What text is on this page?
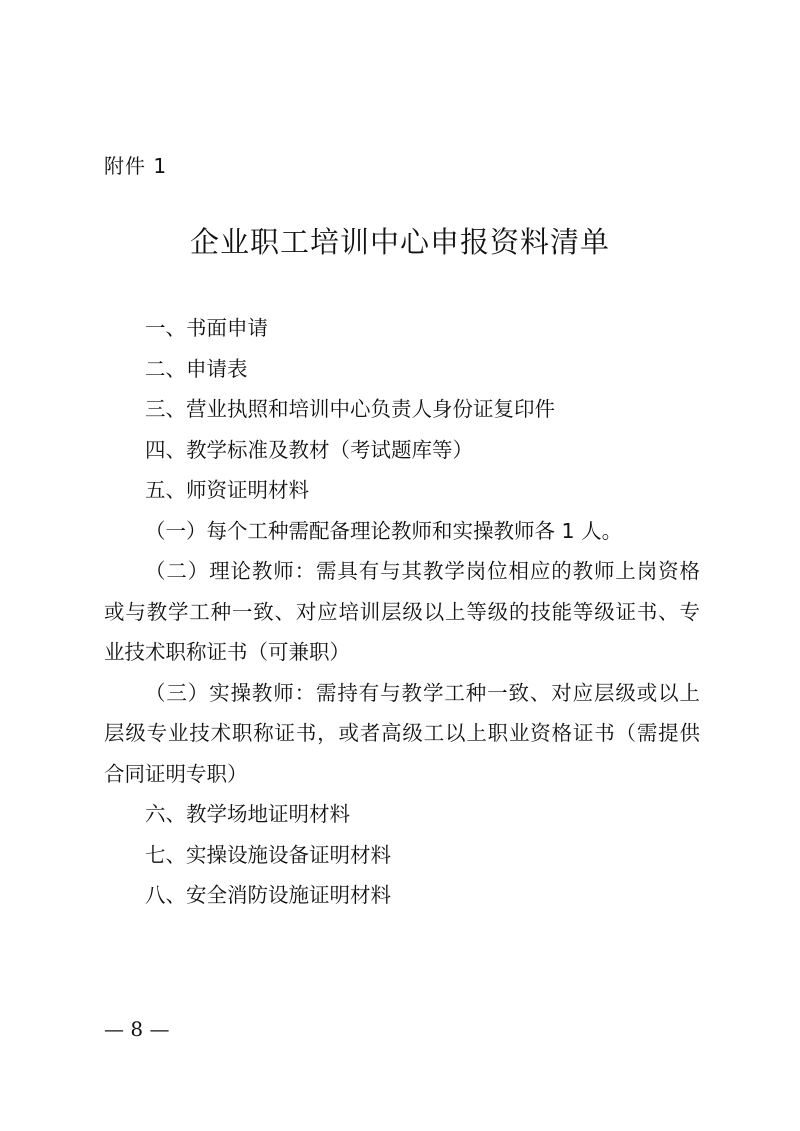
附件 1
企业职工培训中心申报资料清单
一、书面申请
二、申请表
三、营业执照和培训中心负责人身份证复印件
四、教学标准及教材（考试题库等）
五、师资证明材料
（一）每个工种需配备理论教师和实操教师各 1 人。
（二）理论教师：需具有与其教学岗位相应的教师上岗资格
或与教学工种一致、对应培训层级以上等级的技能等级证书、专
业技术职称证书（可兼职）
（三）实操教师：需持有与教学工种一致、对应层级或以上
层级专业技术职称证书，或者高级工以上职业资格证书（需提供
合同证明专职）
六、教学场地证明材料
七、实操设施设备证明材料
八、安全消防设施证明材料
— 8 —
